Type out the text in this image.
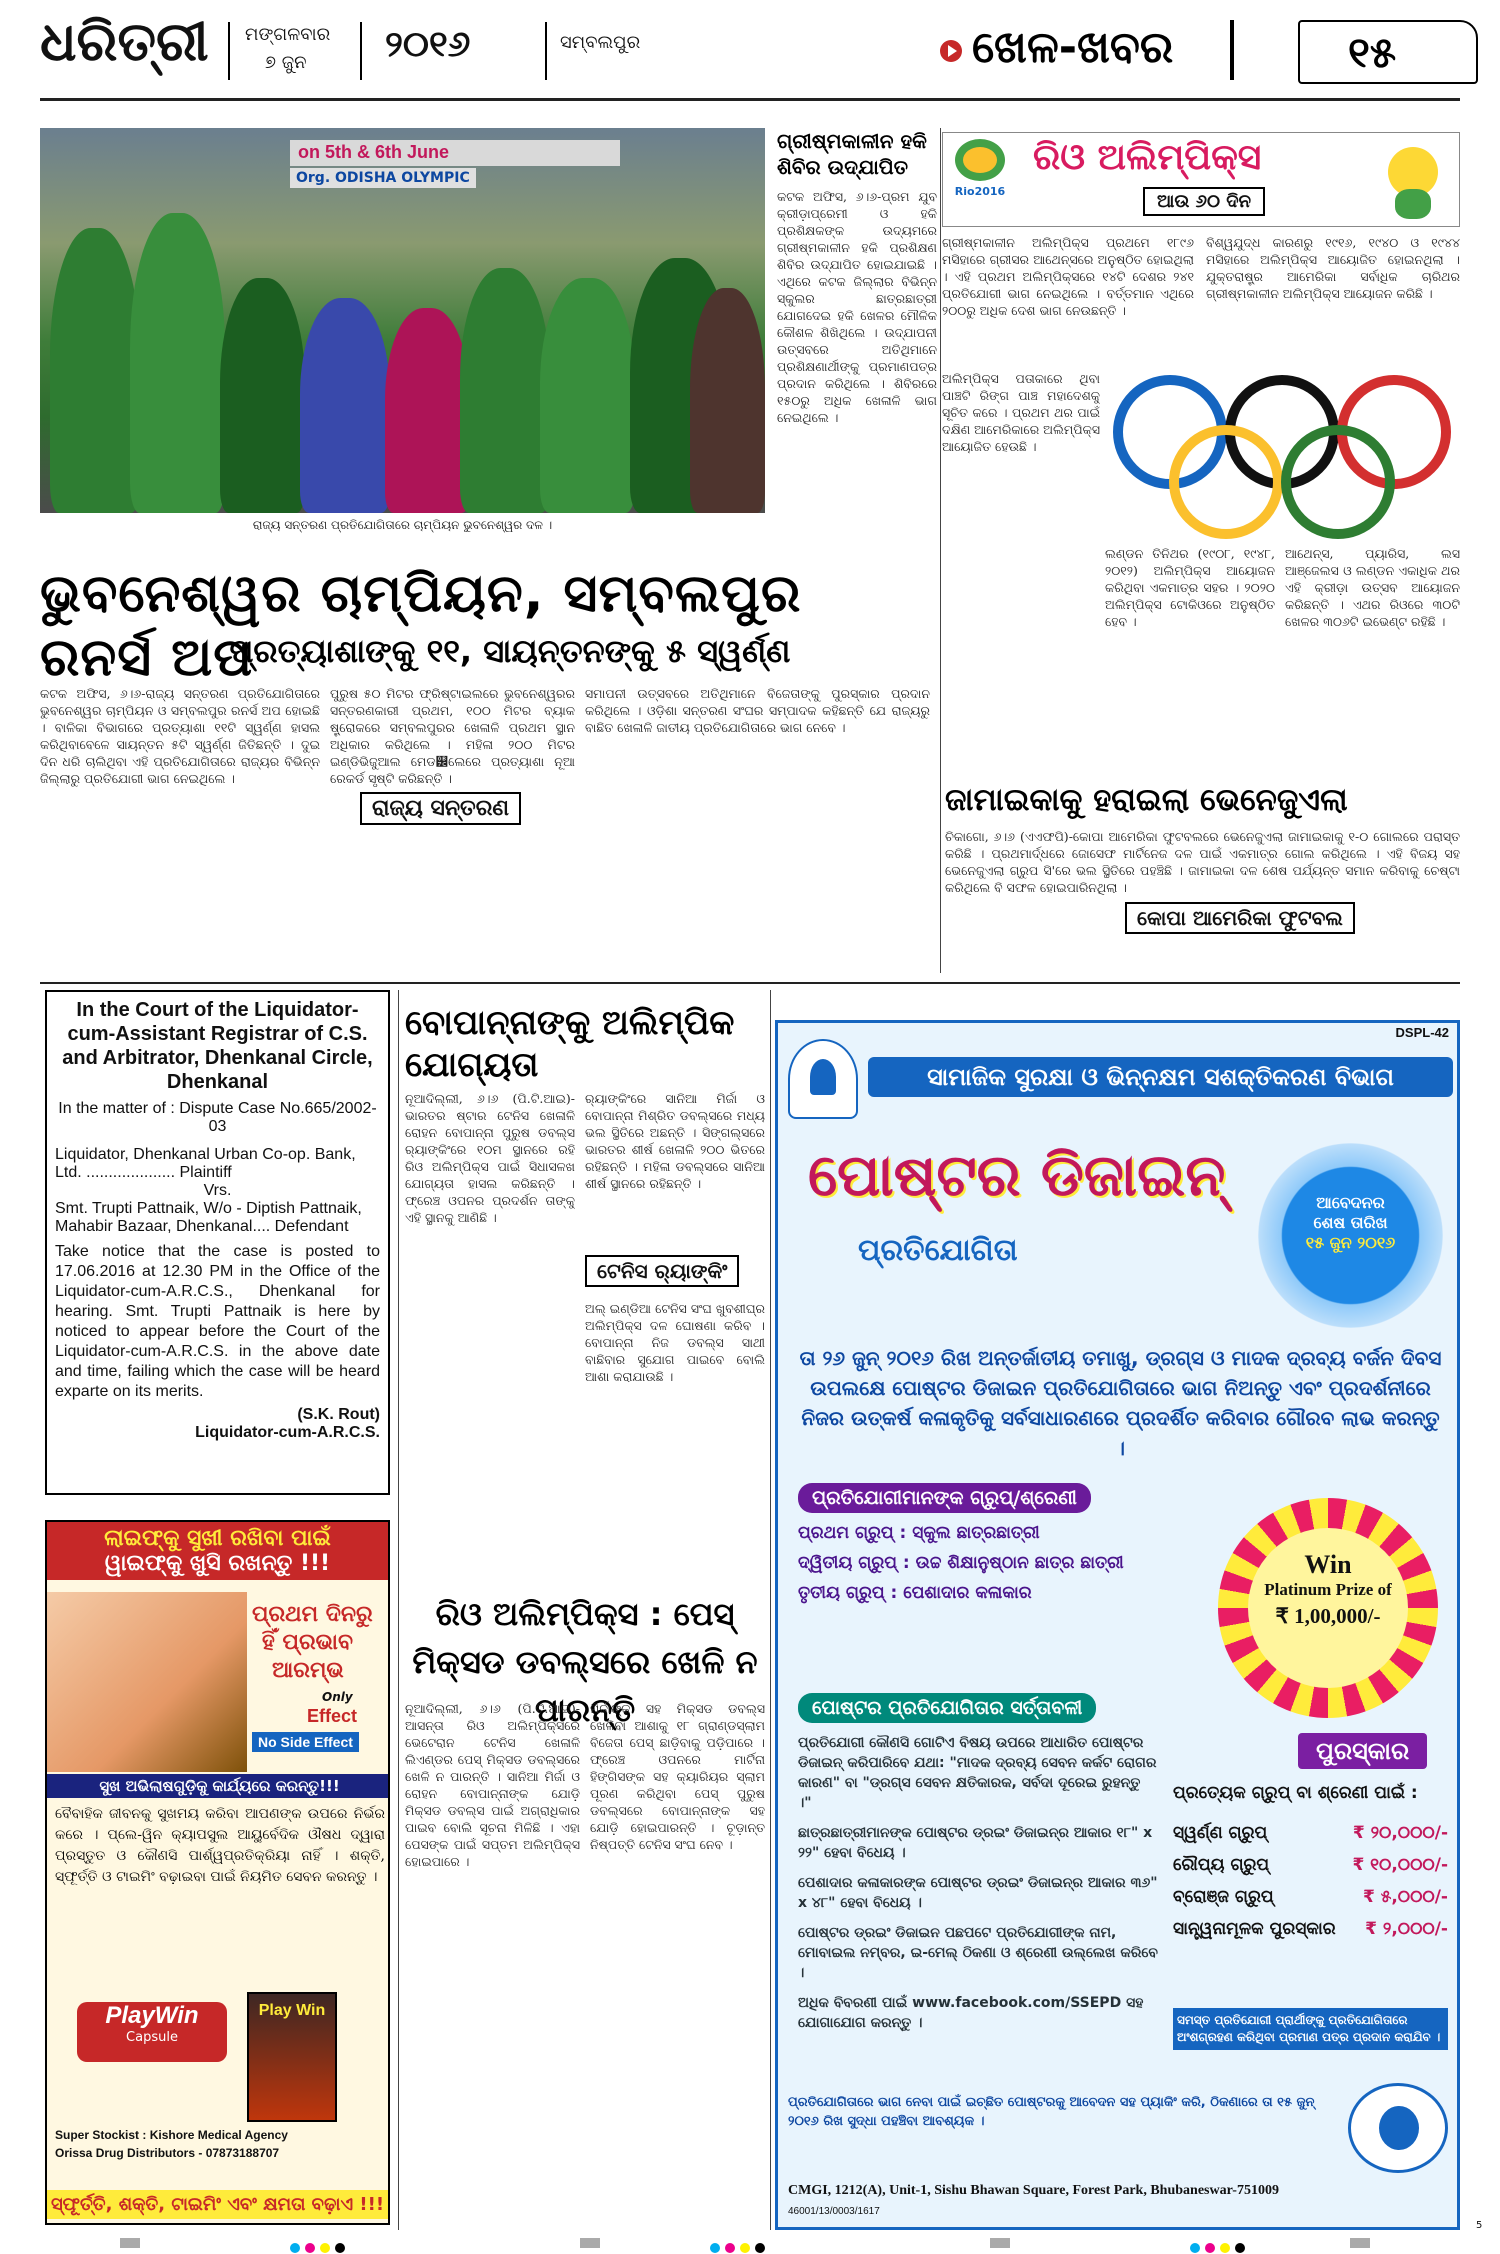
ଧରିତ୍ରୀ ମଙ୍ଗଳବାର
୭ ଜୁନ ୨୦୧୬	ସମ୍ବଲପୁର	ଖେଳ-ଖବର	୧୫
on 5th & 6th June
Org. ODISHA OLYMPIC
ରାଜ୍ୟ ସନ୍ତରଣ ପ୍ରତିଯୋଗିତାରେ ଚାମ୍ପିୟନ ଭୁବନେଶ୍ୱର ଦଳ ।
ଗ୍ରୀଷ୍ମକାଳୀନ ହକି ଶିବିର ଉଦ୍‌ଯାପିତ
କଟକ ଅଫିସ, ୬।୬-ପ୍ରମ ଯୁବ କ୍ରୀଡ଼ାପ୍ରେମୀ ଓ ହକି ପ୍ରଶିକ୍ଷକଙ୍କ ଉଦ୍ୟମରେ ଗ୍ରୀଷ୍ମକାଳୀନ ହକି ପ୍ରଶିକ୍ଷଣ ଶିବିର ଉଦ୍‌ଯାପିତ ହୋଇଯାଇଛି । ଏଥିରେ କଟକ ଜିଲ୍ଲାର ବିଭିନ୍ନ ସ୍କୁଲର ଛାତ୍ରଛାତ୍ରୀ ଯୋଗଦେଇ ହକି ଖେଳର ମୌଳିକ କୌଶଳ ଶିଖିଥିଲେ । ଉଦ୍‌ଯାପନୀ ଉତ୍ସବରେ ଅତିଥିମାନେ ପ୍ରଶିକ୍ଷଣାର୍ଥୀଙ୍କୁ ପ୍ରମାଣପତ୍ର ପ୍ରଦାନ କରିଥିଲେ । ଶିବିରରେ ୧୫୦ରୁ ଅଧିକ ଖେଳାଳି ଭାଗ ନେଇଥିଲେ ।
Rio2016
ରିଓ ଅଲିମ୍ପିକ୍ସ
ଆଉ ୬୦ ଦିନ
ଗ୍ରୀଷ୍ମକାଳୀନ ଅଲିମ୍ପିକ୍ସ ପ୍ରଥମେ ୧୮୯୬ ମସିହାରେ ଗ୍ରୀସର ଆଥେନ୍ସରେ ଅନୁଷ୍ଠିତ ହୋଇଥିଲା । ଏହି ପ୍ରଥମ ଅଲିମ୍ପିକ୍ସରେ ୧୪ଟି ଦେଶର ୨୪୧ ପ୍ରତିଯୋଗୀ ଭାଗ ନେଇଥିଲେ । ବର୍ତ୍ତମାନ ଏଥିରେ ୨୦୦ରୁ ଅଧିକ ଦେଶ ଭାଗ ନେଉଛନ୍ତି ।
ବିଶ୍ୱଯୁଦ୍ଧ କାରଣରୁ ୧୯୧୬, ୧୯୪୦ ଓ ୧୯୪୪ ମସିହାରେ ଅଲିମ୍ପିକ୍ସ ଆୟୋଜିତ ହୋଇନଥିଲା । ଯୁକ୍ତରାଷ୍ଟ୍ର ଆମେରିକା ସର୍ବାଧିକ ଚାରିଥର ଗ୍ରୀଷ୍ମକାଳୀନ ଅଲିମ୍ପିକ୍ସ ଆୟୋଜନ କରିଛି ।
ଅଲିମ୍ପିକ୍ସ ପତାକାରେ ଥିବା ପାଞ୍ଚଟି ରିଙ୍ଗ ପାଞ୍ଚ ମହାଦେଶକୁ ସୂଚିତ କରେ । ପ୍ରଥମ ଥର ପାଇଁ ଦକ୍ଷିଣ ଆମେରିକାରେ ଅଲିମ୍ପିକ୍ସ ଆୟୋଜିତ ହେଉଛି ।
ଲଣ୍ଡନ ତିନିଥର (୧୯୦୮, ୧୯୪୮, ୨୦୧୨) ଅଲିମ୍ପିକ୍ସ ଆୟୋଜନ କରିଥିବା ଏକମାତ୍ର ସହର । ୨୦୨୦ ଅଲିମ୍ପିକ୍ସ ଟୋକିଓରେ ଅନୁଷ୍ଠିତ ହେବ ।
ଆଥେନ୍ସ, ପ୍ୟାରିସ, ଲସ ଆଞ୍ଜେଲସ ଓ ଲଣ୍ଡନ ଏକାଧିକ ଥର ଏହି କ୍ରୀଡ଼ା ଉତ୍ସବ ଆୟୋଜନ କରିଛନ୍ତି । ଏଥର ରିଓରେ ୩୦ଟି ଖେଳର ୩୦୬ଟି ଇଭେଣ୍ଟ ରହିଛି ।
ଭୁବନେଶ୍ୱର ଚାମ୍ପିୟନ, ସମ୍ବଲପୁର ରନର୍ସ ଅପ
ପ୍ରତ୍ୟାଶାଙ୍କୁ ୧୧, ସାୟନ୍ତନଙ୍କୁ ୫ ସ୍ୱର୍ଣ୍ଣ
କଟକ ଅଫିସ, ୬।୬-ରାଜ୍ୟ ସନ୍ତରଣ ପ୍ରତିଯୋଗିତାରେ ଭୁବନେଶ୍ୱର ଚାମ୍ପିୟନ ଓ ସମ୍ବଲପୁର ରନର୍ସ ଅପ ହୋଇଛି । ବାଳିକା ବିଭାଗରେ ପ୍ରତ୍ୟାଶା ୧୧ଟି ସ୍ୱର୍ଣ୍ଣ ହାସଲ କରିଥିବାବେଳେ ସାୟନ୍ତନ ୫ଟି ସ୍ୱର୍ଣ୍ଣ ଜିତିଛନ୍ତି । ଦୁଇ ଦିନ ଧରି ଚାଲିଥିବା ଏହି ପ୍ରତିଯୋଗିତାରେ ରାଜ୍ୟର ବିଭିନ୍ନ ଜିଲ୍ଲାରୁ ପ୍ରତିଯୋଗୀ ଭାଗ ନେଇଥିଲେ ।
ପୁରୁଷ ୫୦ ମିଟର ଫ୍ରିଷ୍ଟାଇଲରେ ଭୁବନେଶ୍ୱରର ସନ୍ତରଣକାରୀ ପ୍ରଥମ, ୧୦୦ ମିଟର ବ୍ୟାକ ଷ୍ଟ୍ରୋକରେ ସମ୍ବଲପୁରର ଖେଳାଳି ପ୍ରଥମ ସ୍ଥାନ ଅଧିକାର କରିଥିଲେ । ମହିଳା ୨୦୦ ମିଟର ଇଣ୍ଡିଭିଜୁଆଲ ମେଡ୼ଲେରେ ପ୍ରତ୍ୟାଶା ନୂଆ ରେକର୍ଡ ସୃଷ୍ଟି କରିଛନ୍ତି ।
ରାଜ୍ୟ ସନ୍ତରଣ
ସମାପନୀ ଉତ୍ସବରେ ଅତିଥିମାନେ ବିଜେତାଙ୍କୁ ପୁରସ୍କାର ପ୍ରଦାନ କରିଥିଲେ । ଓଡ଼ିଶା ସନ୍ତରଣ ସଂଘର ସମ୍ପାଦକ କହିଛନ୍ତି ଯେ ରାଜ୍ୟରୁ ବାଛିତ ଖେଳାଳି ଜାତୀୟ ପ୍ରତିଯୋଗିତାରେ ଭାଗ ନେବେ ।
ଜାମାଇକାକୁ ହରାଇଲା ଭେନେଜୁଏଲା
ଚିକାଗୋ, ୬।୬ (ଏଏଫପି)-କୋପା ଆମେରିକା ଫୁଟବଲରେ ଭେନେଜୁଏଲା ଜାମାଇକାକୁ ୧-୦ ଗୋଲରେ ପରାସ୍ତ କରିଛି । ପ୍ରଥମାର୍ଦ୍ଧରେ ଜୋସେଫ ମାର୍ଟିନେଜ ଦଳ ପାଇଁ ଏକମାତ୍ର ଗୋଲ କରିଥିଲେ । ଏହି ବିଜୟ ସହ ଭେନେଜୁଏଲା ଗ୍ରୁପ ସି'ରେ ଭଲ ସ୍ଥିତିରେ ପହଞ୍ଚିଛି । ଜାମାଇକା ଦଳ ଶେଷ ପର୍ଯ୍ୟନ୍ତ ସମାନ କରିବାକୁ ଚେଷ୍ଟା କରିଥିଲେ ବି ସଫଳ ହୋଇପାରିନଥିଲା ।
କୋପା ଆମେରିକା ଫୁଟବଲ
In the Court of the Liquidator-cum-Assistant Registrar of C.S. and Arbitrator, Dhenkanal Circle, Dhenkanal
In the matter of : Dispute Case No.665/2002-03
Liquidator, Dhenkanal Urban Co-op. Bank, Ltd. .................... Plaintiff
Vrs.
Smt. Trupti Pattnaik, W/o - Diptish Pattnaik, Mahabir Bazaar, Dhenkanal.... Defendant
Take notice that the case is posted to 17.06.2016 at 12.30 PM in the Office of the Liquidator-cum-A.R.C.S., Dhenkanal for hearing. Smt. Trupti Pattnaik is here by noticed to appear before the Court of the Liquidator-cum-A.R.C.S. in the above date and time, failing which the case will be heard exparte on its merits.
(S.K. Rout)
Liquidator-cum-A.R.C.S.
ଲାଇଫ୍‌କୁ ସୁଖୀ ରଖିବା ପାଇଁ
ୱାଇଫ୍‌କୁ ଖୁସି ରଖନ୍ତୁ !!!
ପ୍ରଥମ ଦିନରୁ
ହିଁ ପ୍ରଭାବ
ଆରମ୍ଭ
Only
Effect
No Side Effect
ସୁଖ ଅଭିଲାଷଗୁଡ଼ିକୁ କାର୍ଯ୍ୟରେ କରନ୍ତୁ!!!
ବୈବାହିକ ଜୀବନକୁ ସୁଖମୟ କରିବା ଆପଣଙ୍କ ଉପରେ ନିର୍ଭର କରେ । ପ୍ଲେ-ୱିନ କ୍ୟାପସୁଲ ଆୟୁର୍ବେଦିକ ଔଷଧ ଦ୍ୱାରା ପ୍ରସ୍ତୁତ ଓ କୌଣସି ପାର୍ଶ୍ୱପ୍ରତିକ୍ରିୟା ନାହିଁ । ଶକ୍ତି, ସ୍ଫୂର୍ତ୍ତି ଓ ଟାଇମିଂ ବଢ଼ାଇବା ପାଇଁ ନିୟମିତ ସେବନ କରନ୍ତୁ ।
PlayWin
Capsule
Play Win
Super Stockist : Kishore Medical Agency
Orissa Drug Distributors - 07873188707
ସ୍ଫୂର୍ତ୍ତି, ଶକ୍ତି, ଟାଇମିଂ ଏବଂ କ୍ଷମତା ବଢ଼ାଏ !!!
ବୋପାନ୍ନାଙ୍କୁ ଅଲିମ୍ପିକ ଯୋଗ୍ୟତା
ନୂଆଦିଲ୍ଲୀ, ୬।୬ (ପି.ଟି.ଆଇ)-ଭାରତର ଷ୍ଟାର ଟେନିସ ଖେଳାଳି ରୋହନ ବୋପାନ୍ନା ପୁରୁଷ ଡବଲ୍ସ ର‌୍ୟାଙ୍କିଂରେ ୧୦ମ ସ୍ଥାନରେ ରହି ରିଓ ଅଲିମ୍ପିକ୍ସ ପାଇଁ ସିଧାସଳଖ ଯୋଗ୍ୟତା ହାସଲ କରିଛନ୍ତି । ଫ୍ରେଞ୍ଚ ଓପନର ପ୍ରଦର୍ଶନ ତାଙ୍କୁ ଏହି ସ୍ଥାନକୁ ଆଣିଛି ।
ର‌୍ୟାଙ୍କିଂରେ ସାନିଆ ମିର୍ଜା ଓ ବୋପାନ୍ନା ମିଶ୍ରିତ ଡବଲ୍ସରେ ମଧ୍ୟ ଭଲ ସ୍ଥିତିରେ ଅଛନ୍ତି । ସିଙ୍ଗଲ୍ସରେ ଭାରତର ଶୀର୍ଷ ଖେଳାଳି ୨୦୦ ଭିତରେ ରହିଛନ୍ତି । ମହିଳା ଡବଲ୍ସରେ ସାନିଆ ଶୀର୍ଷ ସ୍ଥାନରେ ରହିଛନ୍ତି ।
ଟେନିସ ର‌୍ୟାଙ୍କିଂ
ଅଲ୍‌ ଇଣ୍ଡିଆ ଟେନିସ ସଂଘ ଖୁବଶୀଘ୍ର ଅଲିମ୍ପିକ୍ସ ଦଳ ଘୋଷଣା କରିବ । ବୋପାନ୍ନା ନିଜ ଡବଲ୍ସ ସାଥୀ ବାଛିବାର ସୁଯୋଗ ପାଇବେ ବୋଲି ଆଶା କରାଯାଉଛି ।
ରିଓ ଅଲିମ୍ପିକ୍ସ : ପେସ୍ ମିକ୍ସଡ ଡବଲ୍ସରେ ଖେଳି ନ ପାରନ୍ତି
ନୂଆଦିଲ୍ଲୀ, ୬।୬ (ପି.ଟି.ଆଇ)-ଆସନ୍ତା ରିଓ ଅଲିମ୍ପିକ୍ସରେ ଭେଟେରାନ ଟେନିସ ଖେଳାଳି ଲିଏଣ୍ଡର ପେସ୍ ମିକ୍ସଡ ଡବଲ୍ସରେ ଖେଳି ନ ପାରନ୍ତି । ସାନିଆ ମିର୍ଜା ଓ ରୋହନ ବୋପାନ୍ନାଙ୍କ ଯୋଡ଼ି ମିକ୍ସଡ ଡବଲ୍ସ ପାଇଁ ଅଗ୍ରାଧିକାର ପାଇବ ବୋଲି ସୂଚନା ମିଳିଛି । ଏହା ପେସଙ୍କ ପାଇଁ ସପ୍ତମ ଅଲିମ୍ପିକ୍ସ ହୋଇପାରେ ।
ମିର୍ଜାଙ୍କ ସହ ମିକ୍ସଡ ଡବଲ୍ସ ଖେଳିବା ଆଶାକୁ ୧୮ ଗ୍ରାଣ୍ଡସ୍ଲାମ ବିଜେତା ପେସ୍ ଛାଡ଼ିବାକୁ ପଡ଼ିପାରେ । ଫ୍ରେଞ୍ଚ ଓପନରେ ମାର୍ଟିନା ହିଙ୍ଗିସଙ୍କ ସହ କ୍ୟାରିୟର ସ୍ଲାମ ପୂରଣ କରିଥିବା ପେସ୍ ପୁରୁଷ ଡବଲ୍ସରେ ବୋପାନ୍ନାଙ୍କ ସହ ଯୋଡ଼ି ହୋଇପାରନ୍ତି । ଚୂଡ଼ାନ୍ତ ନିଷ୍ପତ୍ତି ଟେନିସ ସଂଘ ନେବ ।
DSPL-42
ସାମାଜିକ ସୁରକ୍ଷା ଓ ଭିନ୍ନକ୍ଷମ ସଶକ୍ତିକରଣ ବିଭାଗ
ପୋଷ୍ଟର ଡିଜାଇନ୍
ପ୍ରତିଯୋଗିତା
ଆବେଦନର ଶେଷ ତାରିଖ
୧୫ ଜୁନ ୨୦୧୬
ତା ୨୬ ଜୁନ୍ ୨୦୧୬ ରିଖ ଅନ୍ତର୍ଜାତୀୟ ତମାଖୁ, ଡ୍ରଗ୍ସ ଓ ମାଦକ ଦ୍ରବ୍ୟ ବର୍ଜନ ଦିବସ ଉପଲକ୍ଷେ ପୋଷ୍ଟର ଡିଜାଇନ ପ୍ରତିଯୋଗିତାରେ ଭାଗ ନିଅନ୍ତୁ ଏବଂ ପ୍ରଦର୍ଶନୀରେ ନିଜର ଉତ୍କର୍ଷ କଳାକୃତିକୁ ସର୍ବସାଧାରଣରେ ପ୍ରଦର୍ଶିତ କରିବାର ଗୌରବ ଲାଭ କରନ୍ତୁ ।
ପ୍ରତିଯୋଗୀମାନଙ୍କ ଗ୍ରୁପ୍/ଶ୍ରେଣୀ
ପ୍ରଥମ ଗ୍ରୁପ୍ : ସ୍କୁଲ ଛାତ୍ରଛାତ୍ରୀ
ଦ୍ୱିତୀୟ ଗ୍ରୁପ୍ : ଉଚ୍ଚ ଶିକ୍ଷାନୁଷ୍ଠାନ ଛାତ୍ର ଛାତ୍ରୀ
ତୃତୀୟ ଗ୍ରୁପ୍ : ପେଶାଦାର କଳାକାର
Win
Platinum Prize of
₹ 1,00,000/-
ପୋଷ୍ଟର ପ୍ରତିଯୋଗିତାର ସର୍ତ୍ତାବଳୀ
ପ୍ରତିଯୋଗୀ କୌଣସି ଗୋଟିଏ ବିଷୟ ଉପରେ ଆଧାରିତ ପୋଷ୍ଟର ଡିଜାଇନ୍ କରିପାରିବେ ଯଥା: "ମାଦକ ଦ୍ରବ୍ୟ ସେବନ କର୍କଟ ରୋଗର କାରଣ" ବା "ଡ୍ରଗ୍ସ ସେବନ କ୍ଷତିକାରକ, ସର୍ବଦା ଦୂରେଇ ରୁହନ୍ତୁ ।"
ଛାତ୍ରଛାତ୍ରୀମାନଙ୍କ ପୋଷ୍ଟର ଡ୍ରଇଂ ଡିଜାଇନ୍‌ର ଆକାର ୧୮" x ୨୨" ହେବା ବିଧେୟ ।
ପେଶାଦାର କଳାକାରଙ୍କ ପୋଷ୍ଟର ଡ୍ରଇଂ ଡିଜାଇନ୍‌ର ଆକାର ୩୬" x ୪୮" ହେବା ବିଧେୟ ।
ପୋଷ୍ଟର ଡ୍ରଇଂ ଡିଜାଇନ ପଛପଟେ ପ୍ରତିଯୋଗୀଙ୍କ ନାମ, ମୋବାଇଲ ନମ୍ବର, ଇ-ମେଲ୍ ଠିକଣା ଓ ଶ୍ରେଣୀ ଉଲ୍ଲେଖ କରିବେ ।
ଅଧିକ ବିବରଣୀ ପାଇଁ www.facebook.com/SSEPD ସହ ଯୋଗାଯୋଗ କରନ୍ତୁ ।
ପୁରସ୍କାର
ପ୍ରତ୍ୟେକ ଗ୍ରୁପ୍ ବା ଶ୍ରେଣୀ ପାଇଁ :
ସ୍ୱର୍ଣ୍ଣ ଗ୍ରୁପ୍	₹ ୨୦,୦୦୦/-
ରୌପ୍ୟ ଗ୍ରୁପ୍	₹ ୧୦,୦୦୦/-
ବ୍ରୋଞ୍ଜ ଗ୍ରୁପ୍	₹ ୫,୦୦୦/-
ସାନ୍ତ୍ୱନାମୂଳକ ପୁରସ୍କାର ₹ ୨,୦୦୦/-
ସମସ୍ତ ପ୍ରତିଯୋଗୀ ପ୍ରାର୍ଥୀଙ୍କୁ ପ୍ରତିଯୋଗିତାରେ ଅଂଶଗ୍ରହଣ କରିଥିବା ପ୍ରମାଣ ପତ୍ର ପ୍ରଦାନ କରାଯିବ ।
ପ୍ରତିଯୋଗିତାରେ ଭାଗ ନେବା ପାଇଁ ଇଚ୍ଛିତ ପୋଷ୍ଟରକୁ ଆବେଦନ ସହ ପ୍ୟାକିଂ କରି, ଠିକଣାରେ ତା ୧୫ ଜୁନ୍ ୨୦୧୬ ରିଖ ସୁଦ୍ଧା ପହଞ୍ଚିବା ଆବଶ୍ୟକ ।
CMGI, 1212(A), Unit-1, Sishu Bhawan Square, Forest Park, Bhubaneswar-751009
46001/13/0003/1617

5
